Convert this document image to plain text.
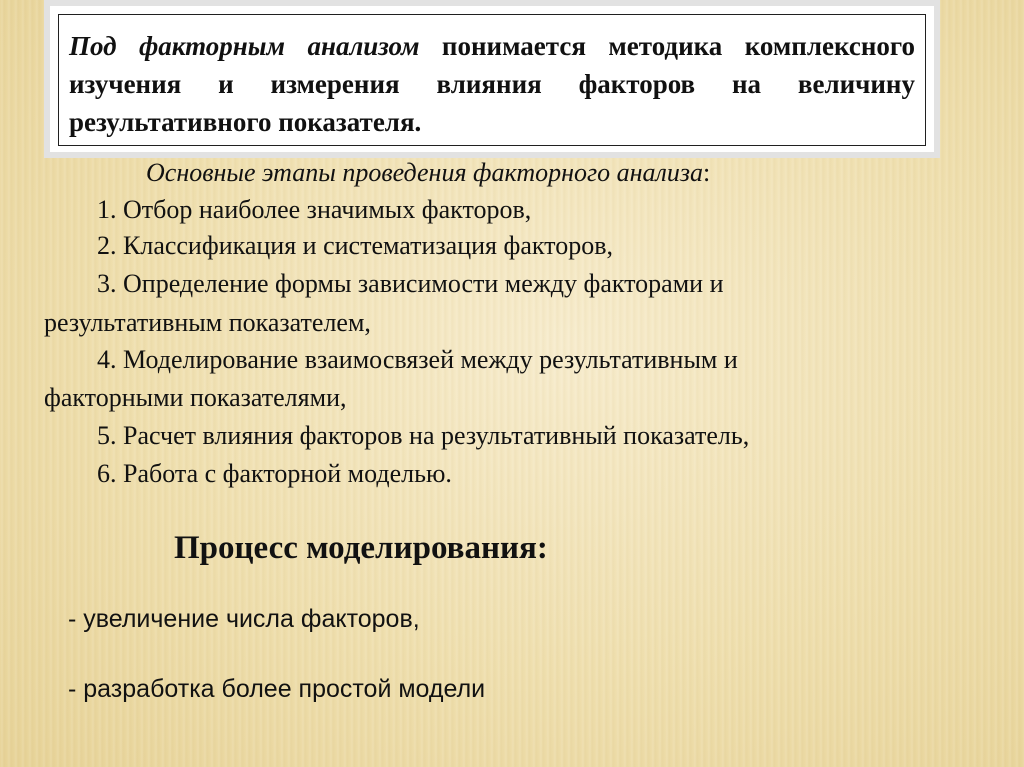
Под факторным анализом понимается методика комплексного изучения и измерения влияния факторов на величину результативного показателя.

Основные этапы проведения факторного анализа:
1. Отбор наиболее значимых факторов,
2. Классификация и систематизация факторов,
3. Определение формы зависимости между факторами и
результативным показателем,
4. Моделирование взаимосвязей между результативным и
факторными показателями,
5. Расчет влияния факторов на результативный показатель,
6. Работа с факторной моделью.
Процесс моделирования:
- увеличение числа факторов,
- разработка более простой модели
